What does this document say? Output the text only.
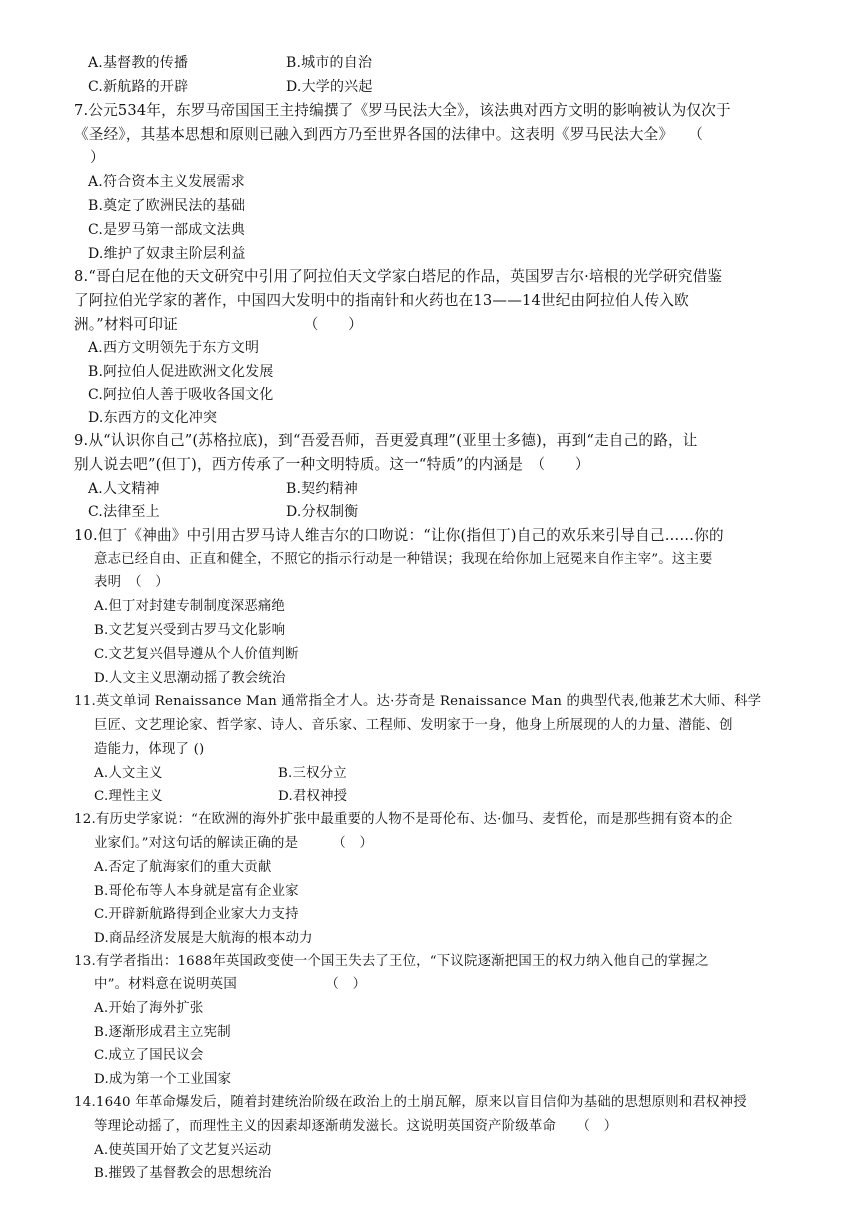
A.基督教的传播	B.城市的自治
C.新航路的开辟	D.大学的兴起
7.公元534年，东罗马帝国国王主持编撰了《罗马民法大全》，该法典对西方文明的影响被认为仅次于
《圣经》，其基本思想和原则已融入到西方乃至世界各国的法律中。这表明《罗马民法大全》　　（
）
A.符合资本主义发展需求
B.奠定了欧洲民法的基础
C.是罗马第一部成文法典
D.维护了奴隶主阶层利益
8.“哥白尼在他的天文研究中引用了阿拉伯天文学家白塔尼的作品，英国罗吉尔·培根的光学研究借鉴
了阿拉伯光学家的著作，中国四大发明中的指南针和火药也在13——14世纪由阿拉伯人传入欧
洲。”材料可印证　　　　　　　　　（　　）
A.西方文明领先于东方文明
B.阿拉伯人促进欧洲文化发展
C.阿拉伯人善于吸收各国文化
D.东西方的文化冲突
9.从“认识你自己”(苏格拉底)，到“吾爱吾师，吾更爱真理”(亚里士多德)，再到“走自己的路，让
别人说去吧”(但丁)，西方传承了一种文明特质。这一“特质”的内涵是　（　　）
A.人文精神	B.契约精神
C.法律至上	D.分权制衡
10.但丁《神曲》中引用古罗马诗人维吉尔的口吻说：“让你(指但丁)自己的欢乐来引导自己……你的
意志已经自由、正直和健全，不照它的指示行动是一种错误；我现在给你加上冠冕来自作主宰”。这主要
表明　（　）
A.但丁对封建专制制度深恶痛绝
B.文艺复兴受到古罗马文化影响
C.文艺复兴倡导遵从个人价值判断
D.人文主义思潮动摇了教会统治
11.英文单词 Renaissance Man 通常指全才人。达·芬奇是 Renaissance Man 的典型代表,他兼艺术大师、科学
巨匠、文艺理论家、哲学家、诗人、音乐家、工程师、发明家于一身，他身上所展现的人的力量、潜能、创
造能力，体现了 ()
A.人文主义	B.三权分立
C.理性主义	D.君权神授
12.有历史学家说：“在欧洲的海外扩张中最重要的人物不是哥伦布、达·伽马、麦哲伦，而是那些拥有资本的企
业家们。”对这句话的解读正确的是　　　（　）
A.否定了航海家们的重大贡献
B.哥伦布等人本身就是富有企业家
C.开辟新航路得到企业家大力支持
D.商品经济发展是大航海的根本动力
13.有学者指出：1688年英国政变使一个国王失去了王位，“下议院逐渐把国王的权力纳入他自己的掌握之
中”。材料意在说明英国　　　　　　　（　）
A.开始了海外扩张
B.逐渐形成君主立宪制
C.成立了国民议会
D.成为第一个工业国家
14.1640 年革命爆发后，随着封建统治阶级在政治上的土崩瓦解，原来以盲目信仰为基础的思想原则和君权神授
等理论动摇了，而理性主义的因素却逐渐萌发滋长。这说明英国资产阶级革命　　（　）
A.使英国开始了文艺复兴运动
B.摧毁了基督教会的思想统治
